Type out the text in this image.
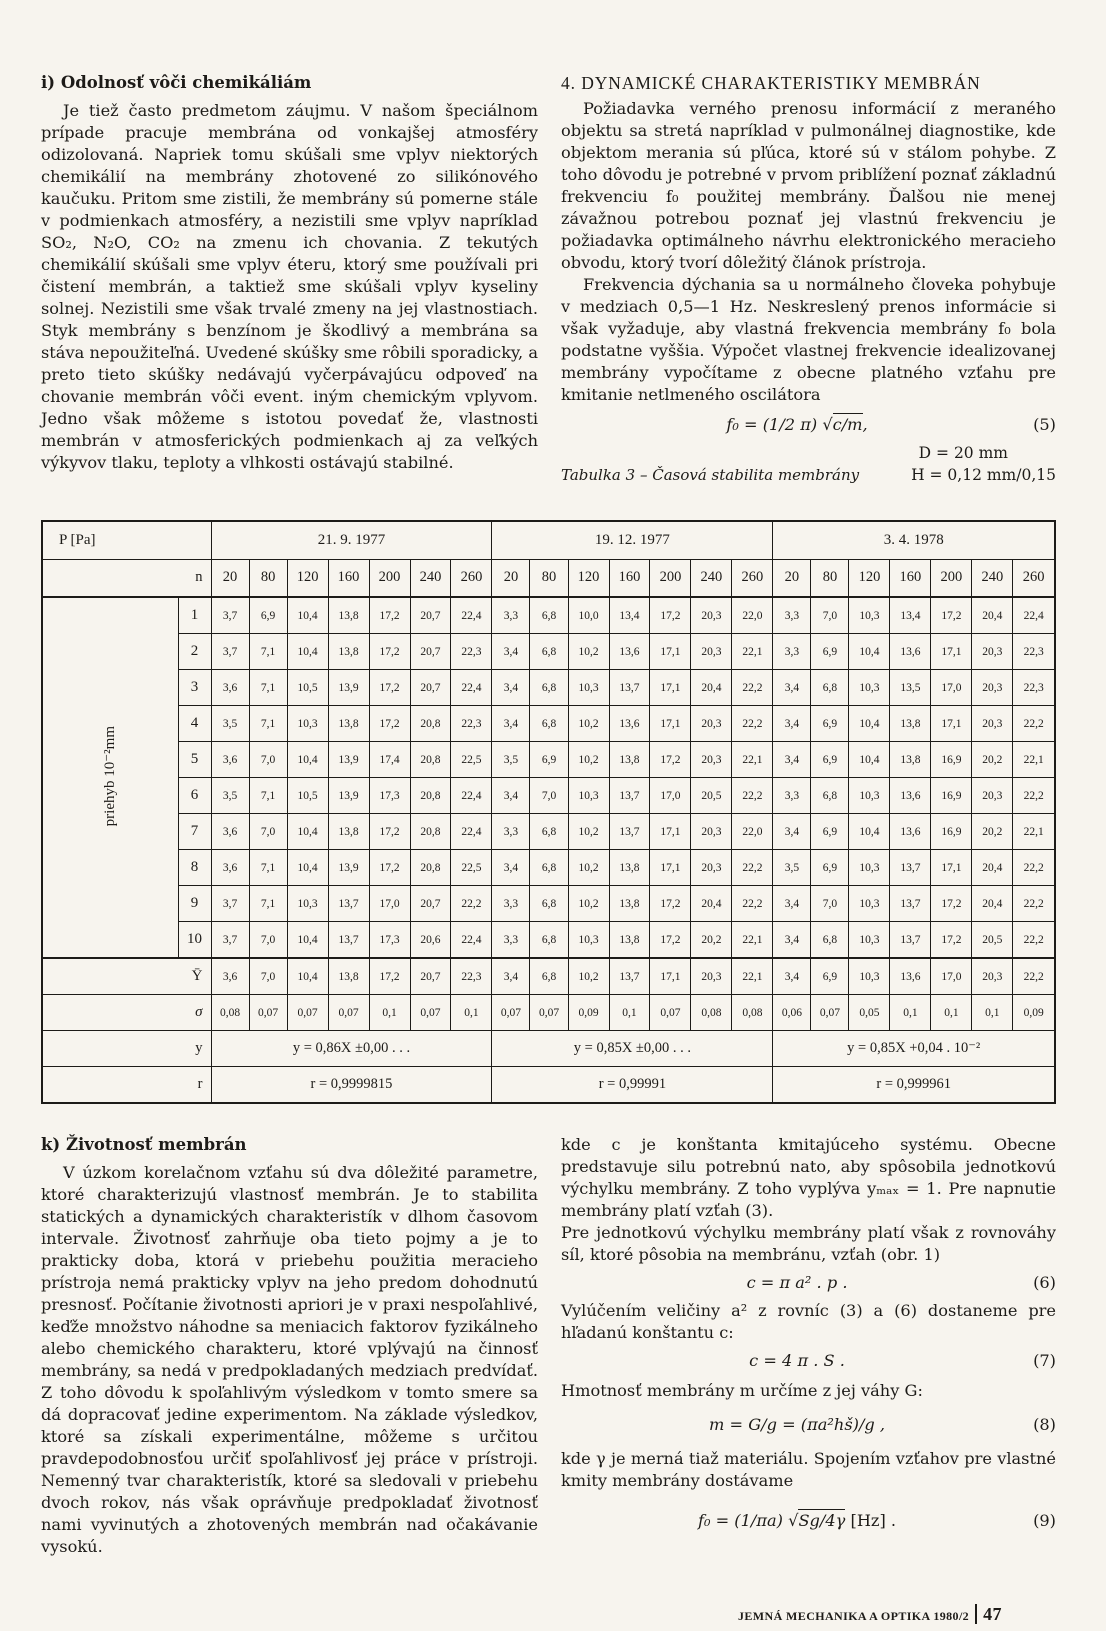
i) Odolnosť vôči chemikáliám

Je tiež často predmetom záujmu. V našom špeciálnom prípade pracuje membrána od vonkajšej atmosféry odizolovaná. Napriek tomu skúšali sme vplyv niektorých chemikálií na membrány zhotovené zo silikónového kaučuku. Pritom sme zistili, že membrány sú pomerne stále v podmienkach atmosféry, a nezistili sme vplyv napríklad SO₂, N₂O, CO₂ na zmenu ich chovania. Z tekutých chemikálií skúšali sme vplyv éteru, ktorý sme používali pri čistení membrán, a taktiež sme skúšali vplyv kyseliny solnej. Nezistili sme však trvalé zmeny na jej vlastnostiach. Styk membrány s benzínom je škodlivý a membrána sa stáva nepoužiteľná. Uvedené skúšky sme rôbili sporadicky, a preto tieto skúšky nedávajú vyčerpávajúcu odpoveď na chovanie membrán vôči event. iným chemickým vplyvom. Jedno však môžeme s istotou povedať že, vlastnosti membrán v atmosferických podmienkach aj za veľkých výkyvov tlaku, teploty a vlhkosti ostávajú stabilné.

4. DYNAMICKÉ CHARAKTERISTIKY MEMBRÁN

Požiadavka verného prenosu informácií z meraného objektu sa stretá napríklad v pulmonálnej diagnostike, kde objektom merania sú pľúca, ktoré sú v stálom pohybe. Z toho dôvodu je potrebné v prvom priblížení poznať základnú frekvenciu f₀ použitej membrány. Ďalšou nie menej závažnou potrebou poznať jej vlastnú frekvenciu je požiadavka optimálneho návrhu elektronického meracieho obvodu, ktorý tvorí dôležitý článok prístroja.

Frekvencia dýchania sa u normálneho človeka pohybuje v medziach 0,5—1 Hz. Neskreslený prenos informácie si však vyžaduje, aby vlastná frekvencia membrány f₀ bola podstatne vyššia. Výpočet vlastnej frekvencie idealizovanej membrány vypočítame z obecne platného vzťahu pre kmitanie netlmeného oscilátora

f₀ = (1/2 π) √c/m,	(5)
D = 20 mm
Tabulka 3 – Časová stabilita membrány	H = 0,12 mm/0,15
P [Pa]		21. 9. 1977							19. 12. 1977							3. 4. 1978						
n		20	80	120	160	200	240	260	20	80	120	160	200	240	260	20	80	120	160	200	240	260
priehyb 10⁻²mm	1	3,7	6,9	10,4	13,8	17,2	20,7	22,4	3,3	6,8	10,0	13,4	17,2	20,3	22,0	3,3	7,0	10,3	13,4	17,2	20,4	22,4
	2	3,7	7,1	10,4	13,8	17,2	20,7	22,3	3,4	6,8	10,2	13,6	17,1	20,3	22,1	3,3	6,9	10,4	13,6	17,1	20,3	22,3
	3	3,6	7,1	10,5	13,9	17,2	20,7	22,4	3,4	6,8	10,3	13,7	17,1	20,4	22,2	3,4	6,8	10,3	13,5	17,0	20,3	22,3
	4	3,5	7,1	10,3	13,8	17,2	20,8	22,3	3,4	6,8	10,2	13,6	17,1	20,3	22,2	3,4	6,9	10,4	13,8	17,1	20,3	22,2
	5	3,6	7,0	10,4	13,9	17,4	20,8	22,5	3,5	6,9	10,2	13,8	17,2	20,3	22,1	3,4	6,9	10,4	13,8	16,9	20,2	22,1
	6	3,5	7,1	10,5	13,9	17,3	20,8	22,4	3,4	7,0	10,3	13,7	17,0	20,5	22,2	3,3	6,8	10,3	13,6	16,9	20,3	22,2
	7	3,6	7,0	10,4	13,8	17,2	20,8	22,4	3,3	6,8	10,2	13,7	17,1	20,3	22,0	3,4	6,9	10,4	13,6	16,9	20,2	22,1
	8	3,6	7,1	10,4	13,9	17,2	20,8	22,5	3,4	6,8	10,2	13,8	17,1	20,3	22,2	3,5	6,9	10,3	13,7	17,1	20,4	22,2
	9	3,7	7,1	10,3	13,7	17,0	20,7	22,2	3,3	6,8	10,2	13,8	17,2	20,4	22,2	3,4	7,0	10,3	13,7	17,2	20,4	22,2
	10	3,7	7,0	10,4	13,7	17,3	20,6	22,4	3,3	6,8	10,3	13,8	17,2	20,2	22,1	3,4	6,8	10,3	13,7	17,2	20,5	22,2
Ȳ		3,6	7,0	10,4	13,8	17,2	20,7	22,3	3,4	6,8	10,2	13,7	17,1	20,3	22,1	3,4	6,9	10,3	13,6	17,0	20,3	22,2
σ		0,08	0,07	0,07	0,07	0,1	0,07	0,1	0,07	0,07	0,09	0,1	0,07	0,08	0,08	0,06	0,07	0,05	0,1	0,1	0,1	0,09
y		y = 0,86X ±0,00 . . .							y = 0,85X ±0,00 . . .							y = 0,85X +0,04 . 10⁻²						
r		r = 0,9999815							r = 0,99991							r = 0,999961						
k) Životnosť membrán

V úzkom korelačnom vzťahu sú dva dôležité parametre, ktoré charakterizujú vlastnosť membrán. Je to stabilita statických a dynamických charakteristík v dlhom časovom intervale. Životnosť zahrňuje oba tieto pojmy a je to prakticky doba, ktorá v priebehu použitia meracieho prístroja nemá prakticky vplyv na jeho predom dohodnutú presnosť. Počítanie životnosti apriori je v praxi nespoľahlivé, keďže množstvo náhodne sa meniacich faktorov fyzikálneho alebo chemického charakteru, ktoré vplývajú na činnosť membrány, sa nedá v predpokladaných medziach predvídať. Z toho dôvodu k spoľahlivým výsledkom v tomto smere sa dá dopracovať jedine experimentom. Na základe výsledkov, ktoré sa získali experimentálne, môžeme s určitou pravdepodobnosťou určiť spoľahlivosť jej práce v prístroji. Nemenný tvar charakteristík, ktoré sa sledovali v priebehu dvoch rokov, nás však oprávňuje predpokladať životnosť nami vyvinutých a zhotovených membrán nad očakávanie vysokú.

kde c je konštanta kmitajúceho systému. Obecne predstavuje silu potrebnú nato, aby spôsobila jednotkovú výchylku membrány. Z toho vyplýva yₘₐₓ = 1. Pre napnutie membrány platí vzťah (3).

Pre jednotkovú výchylku membrány platí však z rovnováhy síl, ktoré pôsobia na membránu, vzťah (obr. 1)

c = π a² . p .	(6)

Vylúčením veličiny a² z rovníc (3) a (6) dostaneme pre hľadanú konštantu c:

c = 4 π . S .	(7)

Hmotnosť membrány m určíme z jej váhy G:

m = G/g = (πa²hš)/g ,	(8)

kde γ je merná tiaž materiálu. Spojením vzťahov pre vlastné kmity membrány dostávame

f₀ = (1/πa) √Sg/4γ [Hz] .	(9)
JEMNÁ MECHANIKA A OPTIKA 1980/2 47
